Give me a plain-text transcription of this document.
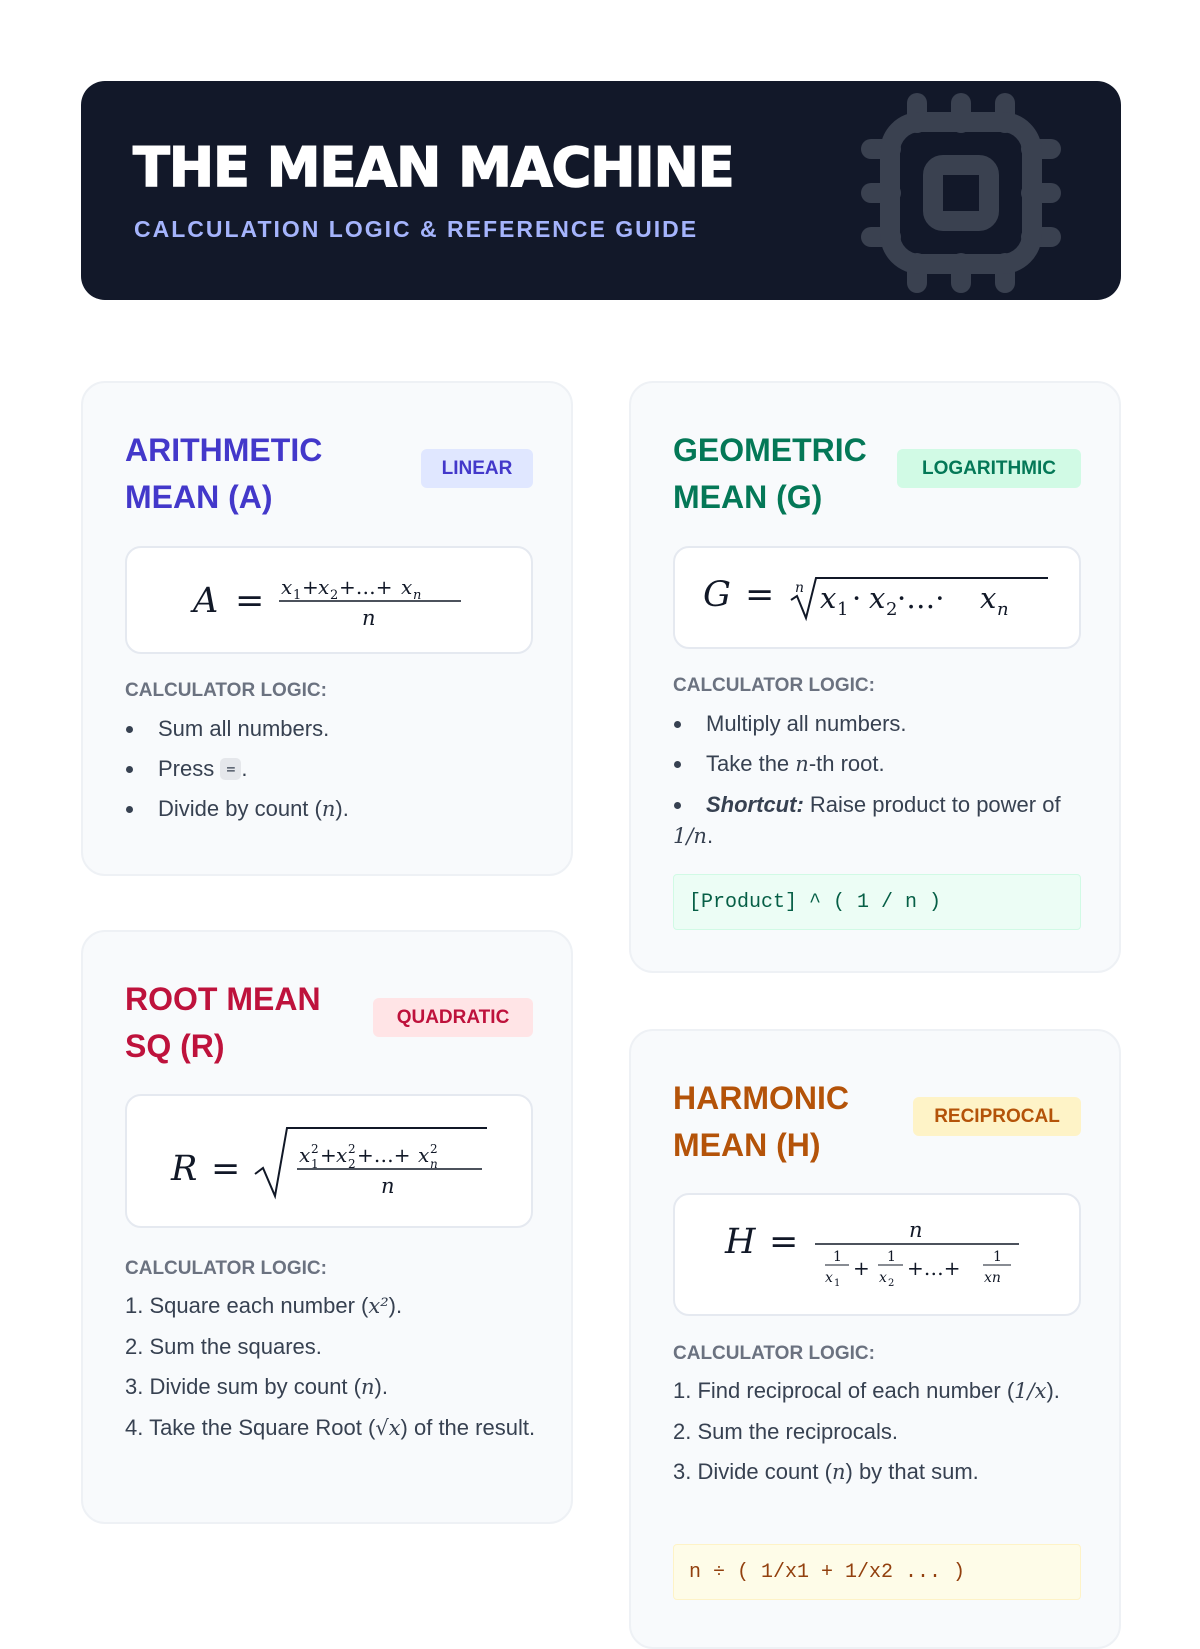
THE MEAN MACHINE
CALCULATION LOGIC & REFERENCE GUIDE
ARITHMETIC
MEAN (A)
LINEAR
A = x 1 + x 2 +…+ x n
n
CALCULATOR LOGIC:
Sum all numbers.
Press = .
Divide by count (n).
ROOT MEAN
SQ (R)
QUADRATIC
R =	x 2
1 + x 2
2 +…+ x 2
n
n
CALCULATOR LOGIC:
1. Square each number (x²).
2. Sum the squares.
3. Divide sum by count (n).
4. Take the Square Root (√x) of the result.
GEOMETRIC
MEAN (G)
LOGARITHMIC
G = n x 1 · x 2 ·…· x n
CALCULATOR LOGIC:
Multiply all numbers.
Take the n-th root.
Shortcut: Raise product to power of 1/n.
[Product] ^ ( 1 / n )
HARMONIC
MEAN (H)
RECIPROCAL
H =	n
1
x 1
+ 1
x 2
+…+ 1
xn
CALCULATOR LOGIC:
1. Find reciprocal of each number (1/x).
2. Sum the reciprocals.
3. Divide count (n) by that sum.
n ÷ ( 1/x1 + 1/x2 ... )
